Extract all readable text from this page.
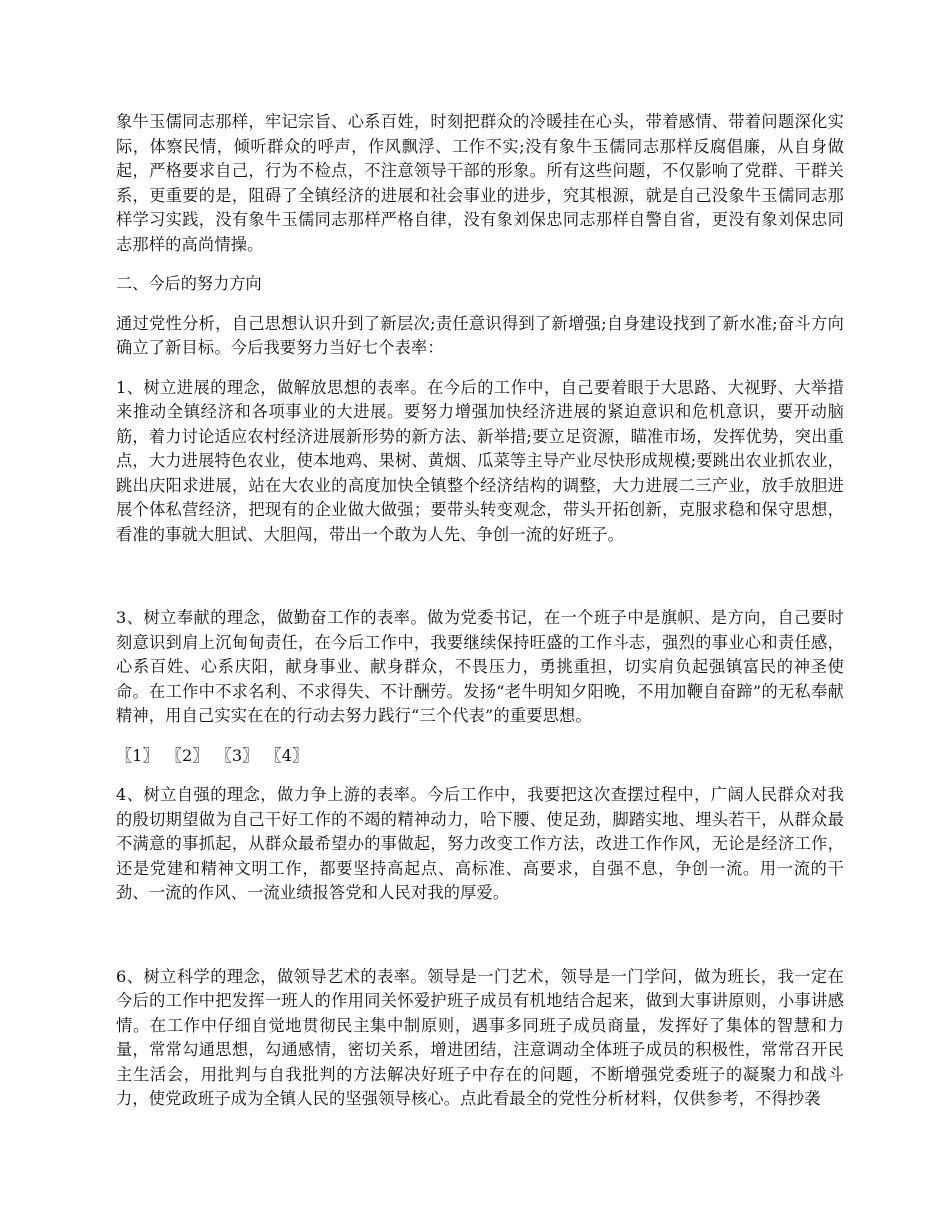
象牛玉儒同志那样，牢记宗旨、心系百姓，时刻把群众的冷暖挂在心头，带着感情、带着问题深化实际，体察民情，倾听群众的呼声，作风飘浮、工作不实;没有象牛玉儒同志那样反腐倡廉，从自身做起，严格要求自己，行为不检点，不注意领导干部的形象。所有这些问题，不仅影响了党群、干群关系，更重要的是，阻碍了全镇经济的进展和社会事业的进步，究其根源，就是自己没象牛玉儒同志那样学习实践，没有象牛玉儒同志那样严格自律，没有象刘保忠同志那样自警自省，更没有象刘保忠同志那样的高尚情操。

二、今后的努力方向

通过党性分析，自己思想认识升到了新层次;责任意识得到了新增强;自身建设找到了新水准;奋斗方向确立了新目标。今后我要努力当好七个表率：

1、树立进展的理念，做解放思想的表率。在今后的工作中，自己要着眼于大思路、大视野、大举措来推动全镇经济和各项事业的大进展。要努力增强加快经济进展的紧迫意识和危机意识，要开动脑筋，着力讨论适应农村经济进展新形势的新方法、新举措;要立足资源，瞄准市场，发挥优势，突出重点，大力进展特色农业，使本地鸡、果树、黄烟、瓜菜等主导产业尽快形成规模;要跳出农业抓农业，跳出庆阳求进展，站在大农业的高度加快全镇整个经济结构的调整，大力进展二三产业，放手放胆进展个体私营经济，把现有的企业做大做强；要带头转变观念，带头开拓创新，克服求稳和保守思想，看准的事就大胆试、大胆闯，带出一个敢为人先、争创一流的好班子。

3、树立奉献的理念，做勤奋工作的表率。做为党委书记，在一个班子中是旗帜、是方向，自己要时刻意识到肩上沉甸甸责任，在今后工作中，我要继续保持旺盛的工作斗志，强烈的事业心和责任感，心系百姓、心系庆阳，献身事业、献身群众，不畏压力，勇挑重担，切实肩负起强镇富民的神圣使命。在工作中不求名利、不求得失、不计酬劳。发扬“老牛明知夕阳晚，不用加鞭自奋蹄”的无私奉献精神，用自己实实在在的行动去努力践行“三个代表”的重要思想。

〖1〗 〖2〗 〖3〗 〖4〗

4、树立自强的理念，做力争上游的表率。今后工作中，我要把这次查摆过程中，广阔人民群众对我的殷切期望做为自己干好工作的不竭的精神动力，哈下腰、使足劲，脚踏实地、埋头若干，从群众最不满意的事抓起，从群众最希望办的事做起，努力改变工作方法，改进工作作风，无论是经济工作，还是党建和精神文明工作，都要坚持高起点、高标准、高要求，自强不息，争创一流。用一流的干劲、一流的作风、一流业绩报答党和人民对我的厚爱。

6、树立科学的理念，做领导艺术的表率。领导是一门艺术，领导是一门学问，做为班长，我一定在今后的工作中把发挥一班人的作用同关怀爱护班子成员有机地结合起来，做到大事讲原则，小事讲感情。在工作中仔细自觉地贯彻民主集中制原则，遇事多同班子成员商量，发挥好了集体的智慧和力量，常常勾通思想，勾通感情，密切关系，增进团结，注意调动全体班子成员的积极性，常常召开民主生活会，用批判与自我批判的方法解决好班子中存在的问题，不断增强党委班子的凝聚力和战斗力，使党政班子成为全镇人民的坚强领导核心。点此看最全的党性分析材料，仅供参考，不得抄袭
